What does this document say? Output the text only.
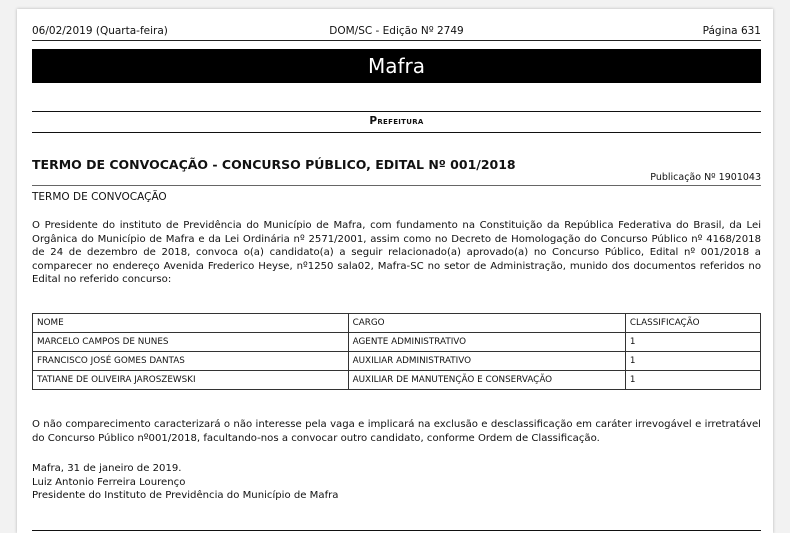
DOM/SC - Edição Nº 2749
06/02/2019 (Quarta-feira)	Página 631
Mafra
Prefeitura
TERMO DE CONVOCAÇÃO - CONCURSO PÚBLICO, EDITAL Nº 001/2018
Publicação Nº 1901043
TERMO DE CONVOCAÇÃO
O Presidente do instituto de Previdência do Município de Mafra, com fundamento na Constituição da República Federativa do Brasil, da Lei Orgânica do Município de Mafra e da Lei Ordinária nº 2571/2001, assim como no Decreto de Homologação do Concurso Público nº 4168/2018 de 24 de dezembro de 2018, convoca o(a) candidato(a) a seguir relacionado(a) aprovado(a) no Concurso Público, Edital nº 001/2018 a comparecer no endereço Avenida Frederico Heyse, nº1250 sala02, Mafra-SC no setor de Administração, munido dos documentos referidos no Edital no referido concurso:
NOME	CARGO	CLASSIFICAÇÃO
MARCELO CAMPOS DE NUNES	AGENTE ADMINISTRATIVO	1
FRANCISCO JOSÉ GOMES DANTAS	AUXILIAR ADMINISTRATIVO	1
TATIANE DE OLIVEIRA JAROSZEWSKI	AUXILIAR DE MANUTENÇÃO E CONSERVAÇÃO	1
O não comparecimento caracterizará o não interesse pela vaga e implicará na exclusão e desclassificação em caráter irrevogável e irretratável do Concurso Público nº001/2018, facultando-nos a convocar outro candidato, conforme Ordem de Classificação.
Mafra, 31 de janeiro de 2019.
Luiz Antonio Ferreira Lourenço
Presidente do Instituto de Previdência do Município de Mafra
